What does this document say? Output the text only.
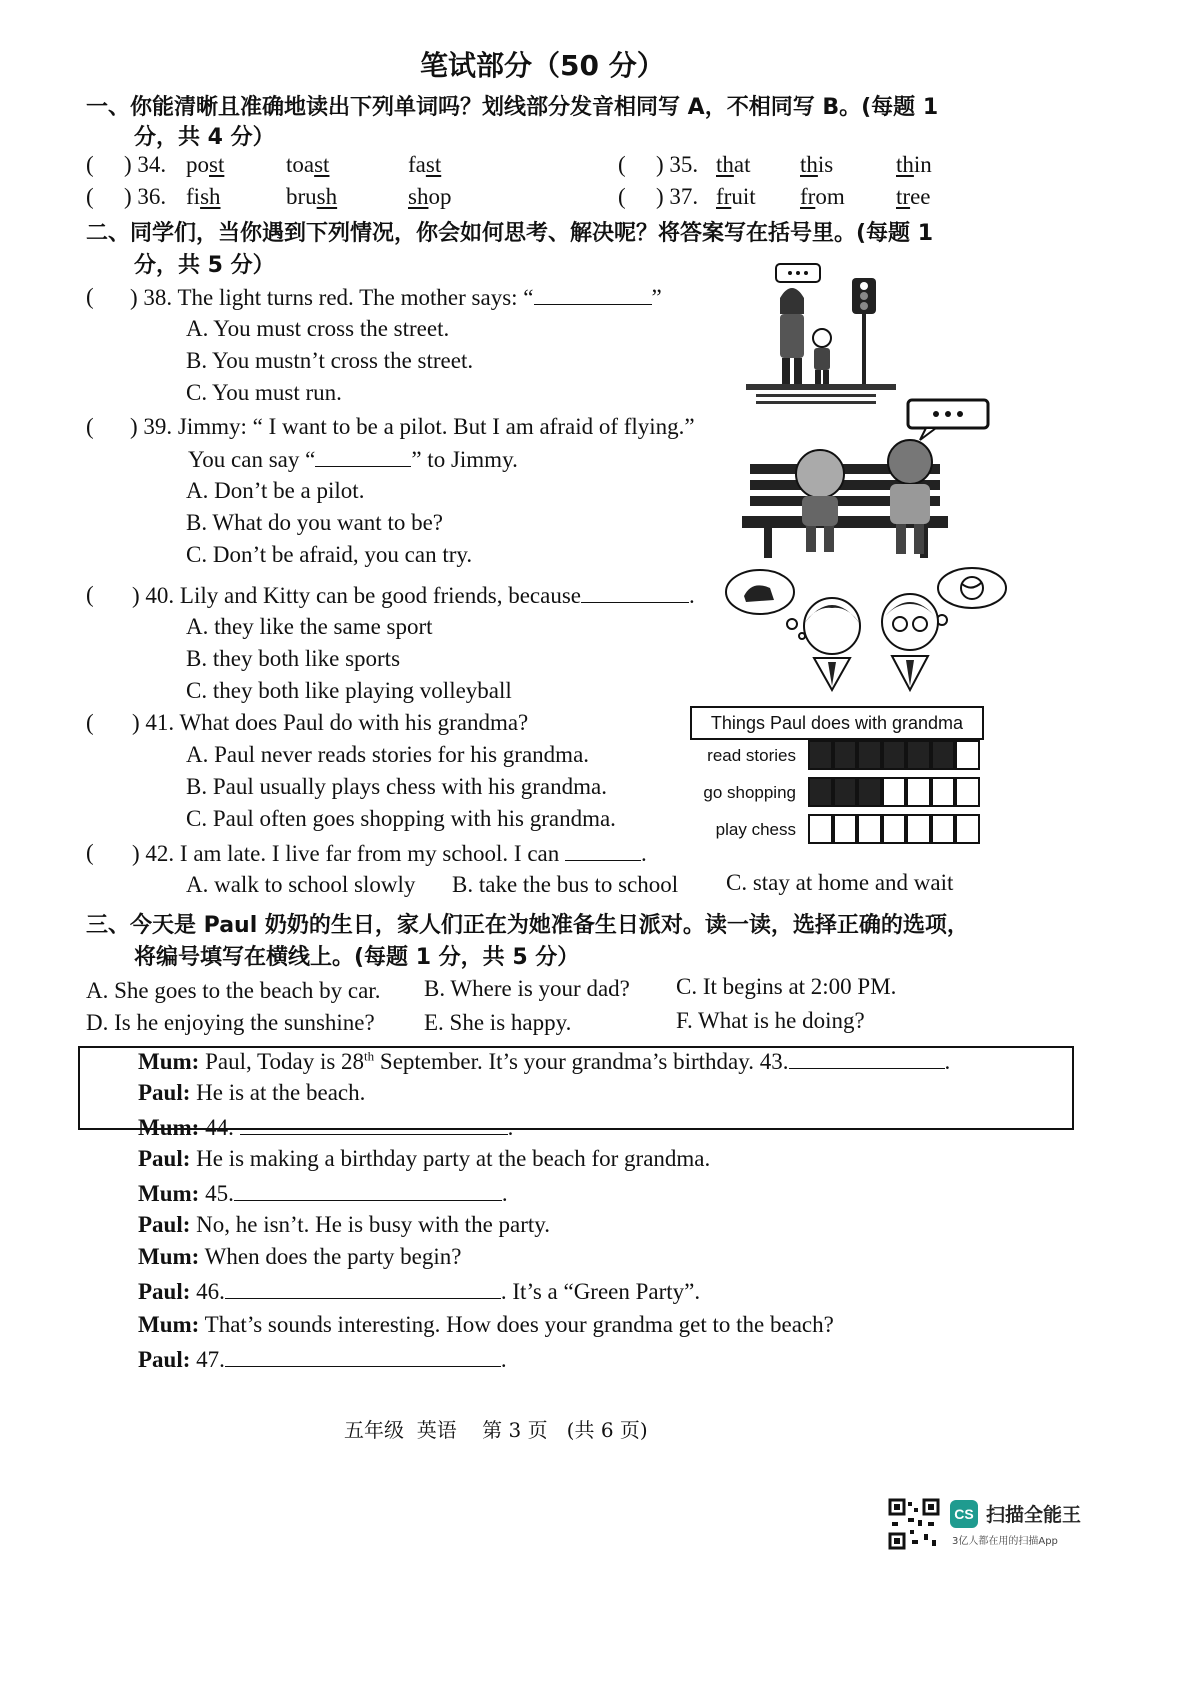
笔试部分（50 分）
一、你能清晰且准确地读出下列单词吗？划线部分发音相同写 A，不相同写 B。(每题 1
分，共 4 分）
( ) 34. post	toast	fast	( ) 35. that this	thin
( ) 36. fish	brush	shop	( ) 37. fruit from tree
二、同学们，当你遇到下列情况，你会如何思考、解决呢？将答案写在括号里。(每题 1
分，共 5 分）
( ) 38. The light turns red. The mother says: “	”
A. You must cross the street.
B. You mustn’t cross the street.
C. You must run.
( ) 39. Jimmy: “ I want to be a pilot. But I am afraid of flying.”
You can say “	” to Jimmy.
A. Don’t be a pilot.
B. What do you want to be?
C. Don’t be afraid, you can try.
( ) 40. Lily and Kitty can be good friends, because	.
A. they like the same sport
B. they both like sports
C. they both like playing volleyball
( ) 41. What does Paul do with his grandma?
A. Paul never reads stories for his grandma.
B. Paul usually plays chess with his grandma.
C. Paul often goes shopping with his grandma.
Things Paul does with grandma
read stories
go shopping
play chess
( ) 42. I am late. I live far from my school. I can	.
A. walk to school slowly B. take the bus to school C. stay at home and wait
三、今天是 Paul 奶奶的生日，家人们正在为她准备生日派对。读一读，选择正确的选项，
将编号填写在横线上。(每题 1 分，共 5 分）
A. She goes to the beach by car. B. Where is your dad? C. It begins at 2:00 PM.
D. Is he enjoying the sunshine? E. She is happy.	F. What is he doing?
Mum: Paul, Today is 28th September. It’s your grandma’s birthday. 43.	.
Paul: He is at the beach.
Mum: 44.	.
Paul: He is making a birthday party at the beach for grandma.
Mum: 45.	.
Paul: No, he isn’t. He is busy with the party.
Mum: When does the party begin?
Paul: 46.	. It’s a “Green Party”.
Mum: That’s sounds interesting. How does your grandma get to the beach?
Paul: 47.	.
五年级  英语    第 3 页   (共 6 页)
CS 扫描全能王
3亿人都在用的扫描App
